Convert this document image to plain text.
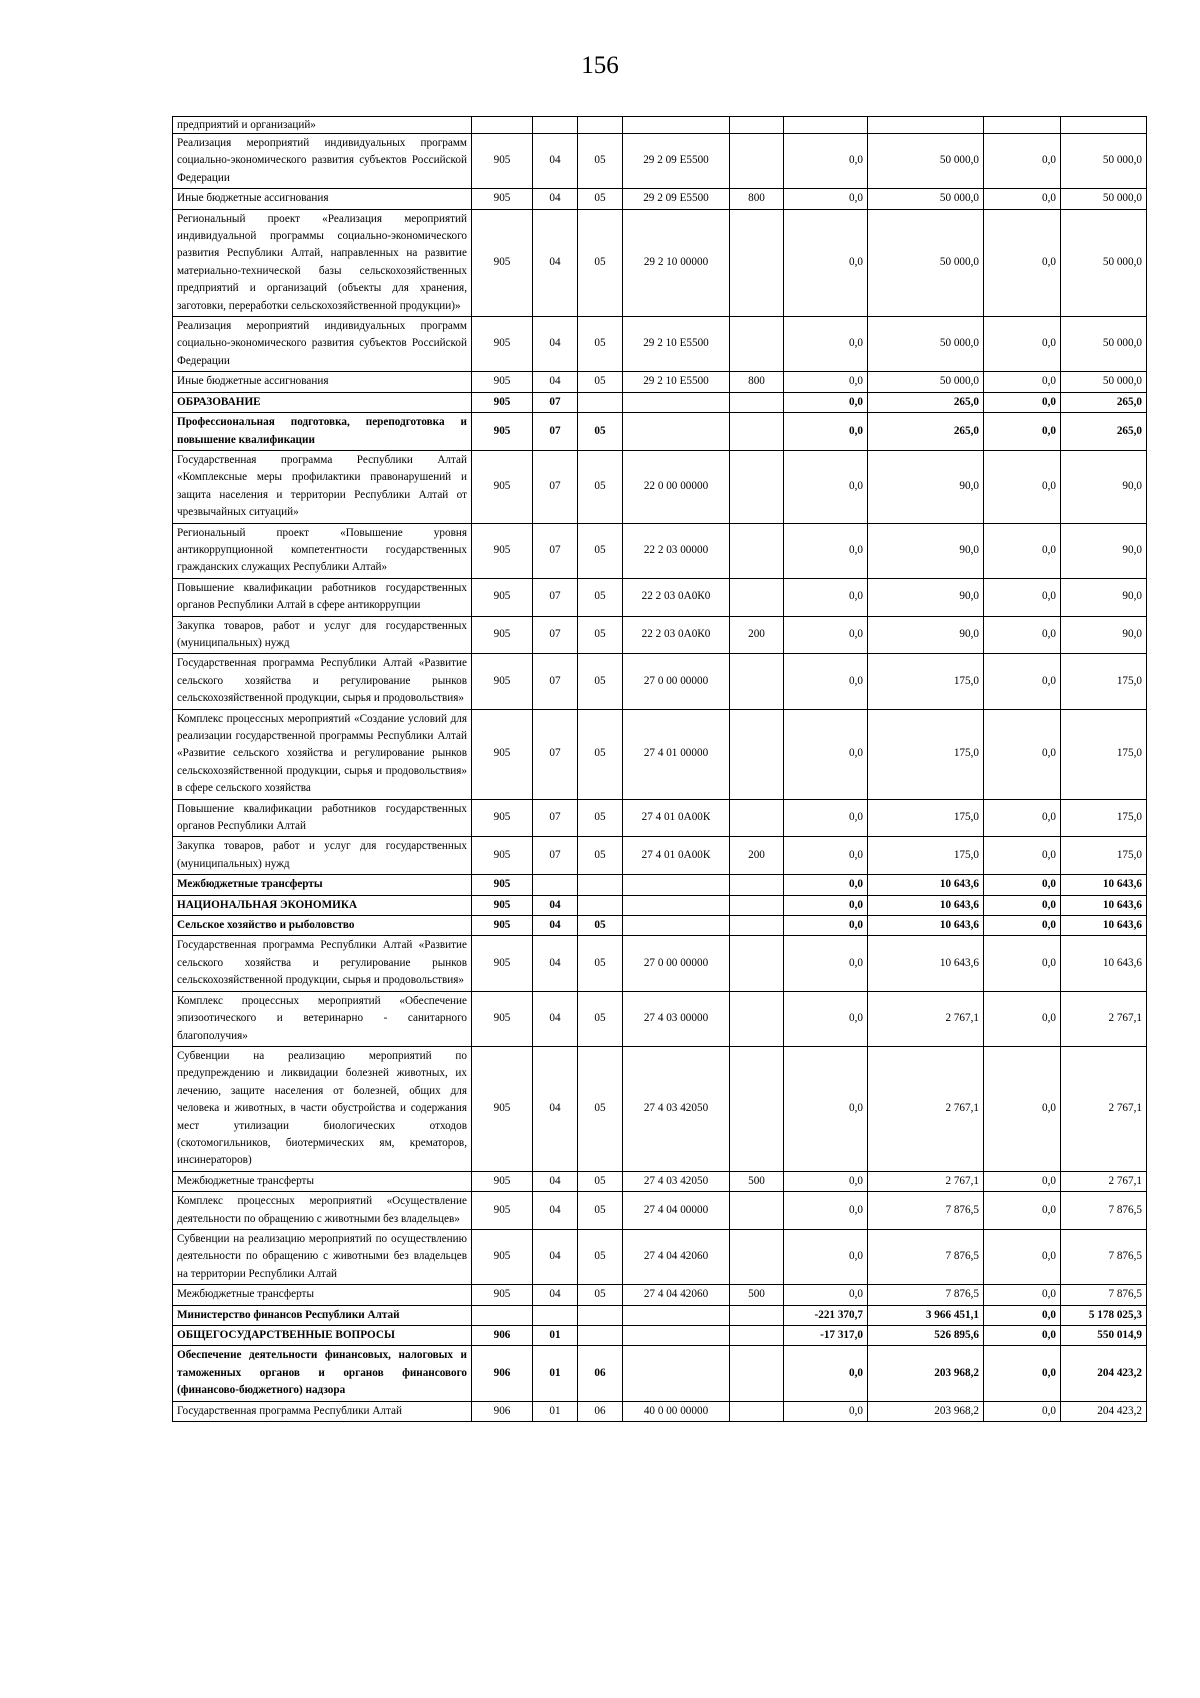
156
предприятий и организаций»									
Реализация мероприятий индивидуальных программ социально-экономического развития субъектов Российской Федерации	905	04	05	29 2 09 E5500		0,0	50 000,0	0,0	50 000,0
Иные бюджетные ассигнования	905	04	05	29 2 09 E5500	800	0,0	50 000,0	0,0	50 000,0
Региональный проект «Реализация мероприятий индивидуальной программы социально-экономического развития Республики Алтай, направленных на развитие материально-технической базы сельскохозяйственных предприятий и организаций (объекты для хранения, заготовки, переработки сельскохозяйственной продукции)»	905	04	05	29 2 10 00000		0,0	50 000,0	0,0	50 000,0
Реализация мероприятий индивидуальных программ социально-экономического развития субъектов Российской Федерации	905	04	05	29 2 10 E5500		0,0	50 000,0	0,0	50 000,0
Иные бюджетные ассигнования	905	04	05	29 2 10 E5500	800	0,0	50 000,0	0,0	50 000,0
ОБРАЗОВАНИЕ	905	07				0,0	265,0	0,0	265,0
Профессиональная подготовка, переподготовка и повышение квалификации	905	07	05			0,0	265,0	0,0	265,0
Государственная программа Республики Алтай «Комплексные меры профилактики правонарушений и защита населения и территории Республики Алтай от чрезвычайных ситуаций»	905	07	05	22 0 00 00000		0,0	90,0	0,0	90,0
Региональный проект «Повышение уровня антикоррупционной компетентности государственных гражданских служащих Республики Алтай»	905	07	05	22 2 03 00000		0,0	90,0	0,0	90,0
Повышение квалификации работников государственных органов Республики Алтай в сфере антикоррупции	905	07	05	22 2 03 0А0К0		0,0	90,0	0,0	90,0
Закупка товаров, работ и услуг для государственных (муниципальных) нужд	905	07	05	22 2 03 0А0К0	200	0,0	90,0	0,0	90,0
Государственная программа Республики Алтай «Развитие сельского хозяйства и регулирование рынков сельскохозяйственной продукции, сырья и продовольствия»	905	07	05	27 0 00 00000		0,0	175,0	0,0	175,0
Комплекс процессных мероприятий «Создание условий для реализации государственной программы Республики Алтай «Развитие сельского хозяйства и регулирование рынков сельскохозяйственной продукции, сырья и продовольствия» в сфере сельского хозяйства	905	07	05	27 4 01 00000		0,0	175,0	0,0	175,0
Повышение квалификации работников государственных органов Республики Алтай	905	07	05	27 4 01 0А00К		0,0	175,0	0,0	175,0
Закупка товаров, работ и услуг для государственных (муниципальных) нужд	905	07	05	27 4 01 0А00К	200	0,0	175,0	0,0	175,0
Межбюджетные трансферты	905					0,0	10 643,6	0,0	10 643,6
НАЦИОНАЛЬНАЯ ЭКОНОМИКА	905	04				0,0	10 643,6	0,0	10 643,6
Сельское хозяйство и рыболовство	905	04	05			0,0	10 643,6	0,0	10 643,6
Государственная программа Республики Алтай «Развитие сельского хозяйства и регулирование рынков сельскохозяйственной продукции, сырья и продовольствия»	905	04	05	27 0 00 00000		0,0	10 643,6	0,0	10 643,6
Комплекс процессных мероприятий «Обеспечение эпизоотического и ветеринарно - санитарного благополучия»	905	04	05	27 4 03 00000		0,0	2 767,1	0,0	2 767,1
Субвенции на реализацию мероприятий по предупреждению и ликвидации болезней животных, их лечению, защите населения от болезней, общих для человека и животных, в части обустройства и содержания мест утилизации биологических отходов (скотомогильников, биотермических ям, крематоров, инсинераторов)	905	04	05	27 4 03 42050		0,0	2 767,1	0,0	2 767,1
Межбюджетные трансферты	905	04	05	27 4 03 42050	500	0,0	2 767,1	0,0	2 767,1
Комплекс процессных мероприятий «Осуществление деятельности по обращению с животными без владельцев»	905	04	05	27 4 04 00000		0,0	7 876,5	0,0	7 876,5
Субвенции на реализацию мероприятий по осуществлению деятельности по обращению с животными без владельцев на территории Республики Алтай	905	04	05	27 4 04 42060		0,0	7 876,5	0,0	7 876,5
Межбюджетные трансферты	905	04	05	27 4 04 42060	500	0,0	7 876,5	0,0	7 876,5
Министерство финансов Республики Алтай						-221 370,7	3 966 451,1	0,0	5 178 025,3
ОБЩЕГОСУДАРСТВЕННЫЕ ВОПРОСЫ	906	01				-17 317,0	526 895,6	0,0	550 014,9
Обеспечение деятельности финансовых, налоговых и таможенных органов и органов финансового (финансово-бюджетного) надзора	906	01	06			0,0	203 968,2	0,0	204 423,2
Государственная программа Республики Алтай	906	01	06	40 0 00 00000		0,0	203 968,2	0,0	204 423,2
